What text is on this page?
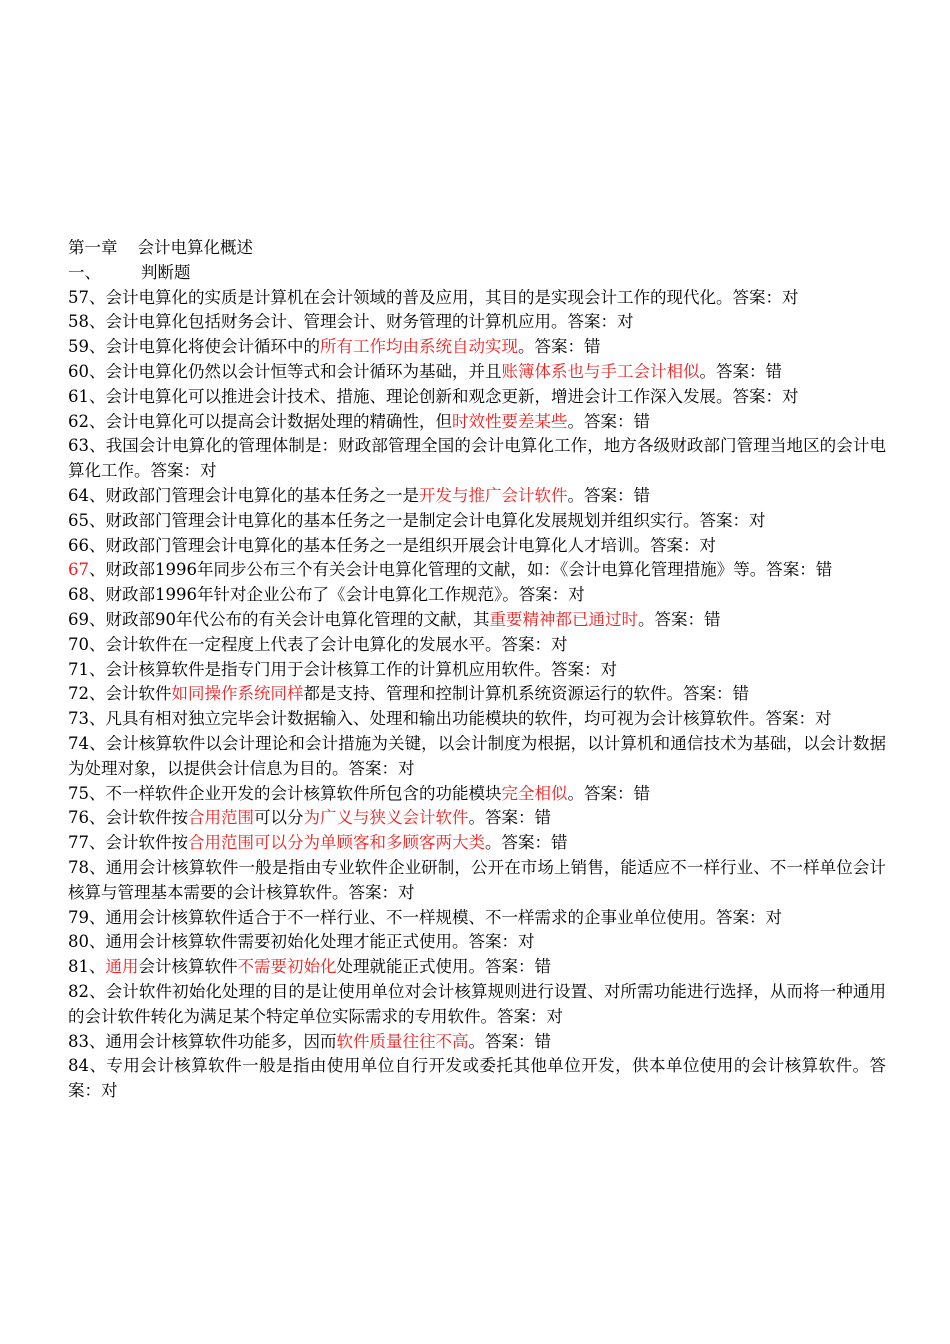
第一章 会计电算化概述
一、 判断题
57、会计电算化的实质是计算机在会计领域的普及应用，其目的是实现会计工作的现代化。答案：对
58、会计电算化包括财务会计、管理会计、财务管理的计算机应用。答案：对
59、会计电算化将使会计循环中的所有工作均由系统自动实现。答案：错
60、会计电算化仍然以会计恒等式和会计循环为基础，并且账簿体系也与手工会计相似。答案：错
61、会计电算化可以推进会计技术、措施、理论创新和观念更新，增进会计工作深入发展。答案：对
62、会计电算化可以提高会计数据处理的精确性，但时效性要差某些。答案：错
63、我国会计电算化的管理体制是：财政部管理全国的会计电算化工作，地方各级财政部门管理当地区的会计电算化工作。答案：对
64、财政部门管理会计电算化的基本任务之一是开发与推广会计软件。答案：错
65、财政部门管理会计电算化的基本任务之一是制定会计电算化发展规划并组织实行。答案：对
66、财政部门管理会计电算化的基本任务之一是组织开展会计电算化人才培训。答案：对
67、财政部1996年同步公布三个有关会计电算化管理的文献，如：《会计电算化管理措施》等。答案：错
68、财政部1996年针对企业公布了《会计电算化工作规范》。答案：对
69、财政部90年代公布的有关会计电算化管理的文献，其重要精神都已通过时。答案：错
70、会计软件在一定程度上代表了会计电算化的发展水平。答案：对
71、会计核算软件是指专门用于会计核算工作的计算机应用软件。答案：对
72、会计软件如同操作系统同样都是支持、管理和控制计算机系统资源运行的软件。答案：错
73、凡具有相对独立完毕会计数据输入、处理和输出功能模块的软件，均可视为会计核算软件。答案：对
74、会计核算软件以会计理论和会计措施为关键，以会计制度为根据，以计算机和通信技术为基础，以会计数据为处理对象，以提供会计信息为目的。答案：对
75、不一样软件企业开发的会计核算软件所包含的功能模块完全相似。答案：错
76、会计软件按合用范围可以分为广义与狭义会计软件。答案：错
77、会计软件按合用范围可以分为单顾客和多顾客两大类。答案：错
78、通用会计核算软件一般是指由专业软件企业研制，公开在市场上销售，能适应不一样行业、不一样单位会计核算与管理基本需要的会计核算软件。答案：对
79、通用会计核算软件适合于不一样行业、不一样规模、不一样需求的企事业单位使用。答案：对
80、通用会计核算软件需要初始化处理才能正式使用。答案：对
81、通用会计核算软件不需要初始化处理就能正式使用。答案：错
82、会计软件初始化处理的目的是让使用单位对会计核算规则进行设置、对所需功能进行选择，从而将一种通用的会计软件转化为满足某个特定单位实际需求的专用软件。答案：对
83、通用会计核算软件功能多，因而软件质量往往不高。答案：错
84、专用会计核算软件一般是指由使用单位自行开发或委托其他单位开发，供本单位使用的会计核算软件。答案：对
